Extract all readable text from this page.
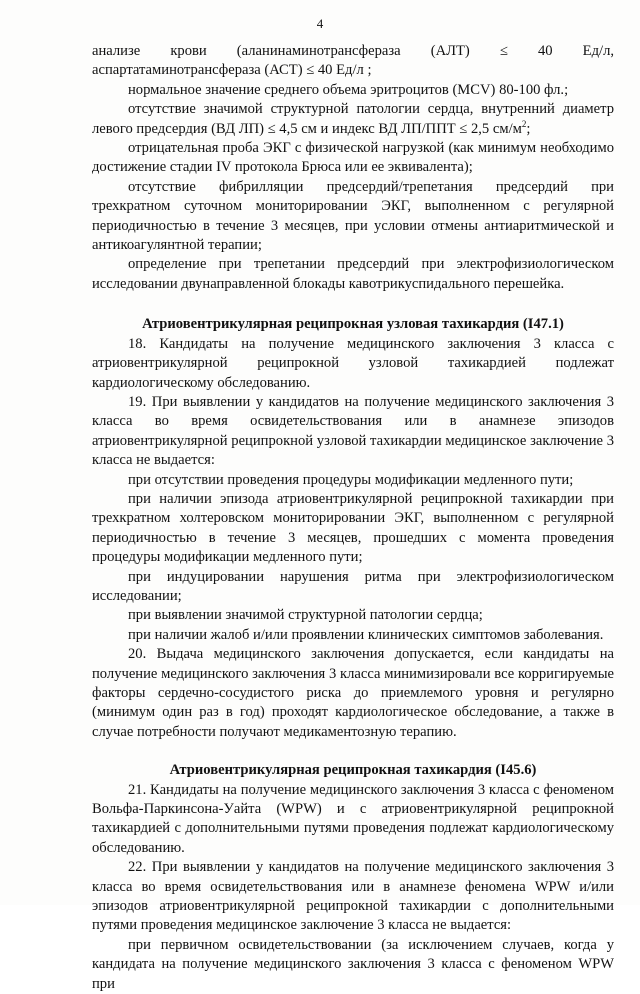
4

анализе крови (аланинаминотрансфераза (АЛТ) ≤ 40 Ед/л, аспартатаминотрансфераза (АСТ) ≤ 40 Ед/л ;

нормальное значение среднего объема эритроцитов (MCV) 80-100 фл.;

отсутствие значимой структурной патологии сердца, внутренний диаметр левого предсердия (ВД ЛП) ≤ 4,5 см и индекс ВД ЛП/ППТ ≤ 2,5 $см/м^2$;

отрицательная проба ЭКГ с физической нагрузкой (как минимум необходимо достижение стадии IV протокола Брюса или ее эквивалента);

отсутствие фибрилляции предсердий/трепетания предсердий при трехкратном суточном мониторировании ЭКГ, выполненном с регулярной периодичностью в течение 3 месяцев, при условии отмены антиаритмической и антикоагулянтной терапии;

определение при трепетании предсердий при электрофизиологическом исследовании двунаправленной блокады кавотрикуспидального перешейка.

Атриовентрикулярная реципрокная узловая тахикардия (I47.1)

18. Кандидаты на получение медицинского заключения 3 класса с атриовентрикулярной реципрокной узловой тахикардией подлежат кардиологическому обследованию.

19. При выявлении у кандидатов на получение медицинского заключения 3 класса во время освидетельствования или в анамнезе эпизодов атриовентрикулярной реципрокной узловой тахикардии медицинское заключение 3 класса не выдается:

при отсутствии проведения процедуры модификации медленного пути;

при наличии эпизода атриовентрикулярной реципрокной тахикардии при трехкратном холтеровском мониторировании ЭКГ, выполненном с регулярной периодичностью в течение 3 месяцев, прошедших с момента проведения процедуры модификации медленного пути;

при индуцировании нарушения ритма при электрофизиологическом исследовании;

при выявлении значимой структурной патологии сердца;

при наличии жалоб и/или проявлении клинических симптомов заболевания.

20. Выдача медицинского заключения допускается, если кандидаты на получение медицинского заключения 3 класса минимизировали все корригируемые факторы сердечно-сосудистого риска до приемлемого уровня и регулярно (минимум один раз в год) проходят кардиологическое обследование, а также в случае потребности получают медикаментозную терапию.

Атриовентрикулярная реципрокная тахикардия (I45.6)

21. Кандидаты на получение медицинского заключения 3 класса с феноменом Вольфа-Паркинсона-Уайта (WPW) и с атриовентрикулярной реципрокной тахикардией с дополнительными путями проведения подлежат кардиологическому обследованию.

22. При выявлении у кандидатов на получение медицинского заключения 3 класса во время освидетельствования или в анамнезе феномена WPW и/или эпизодов атриовентрикулярной реципрокной тахикардии с дополнительными путями проведения медицинское заключение 3 класса не выдается:

при первичном освидетельствовании (за исключением случаев, когда у кандидата на получение медицинского заключения 3 класса с феноменом WPW при
